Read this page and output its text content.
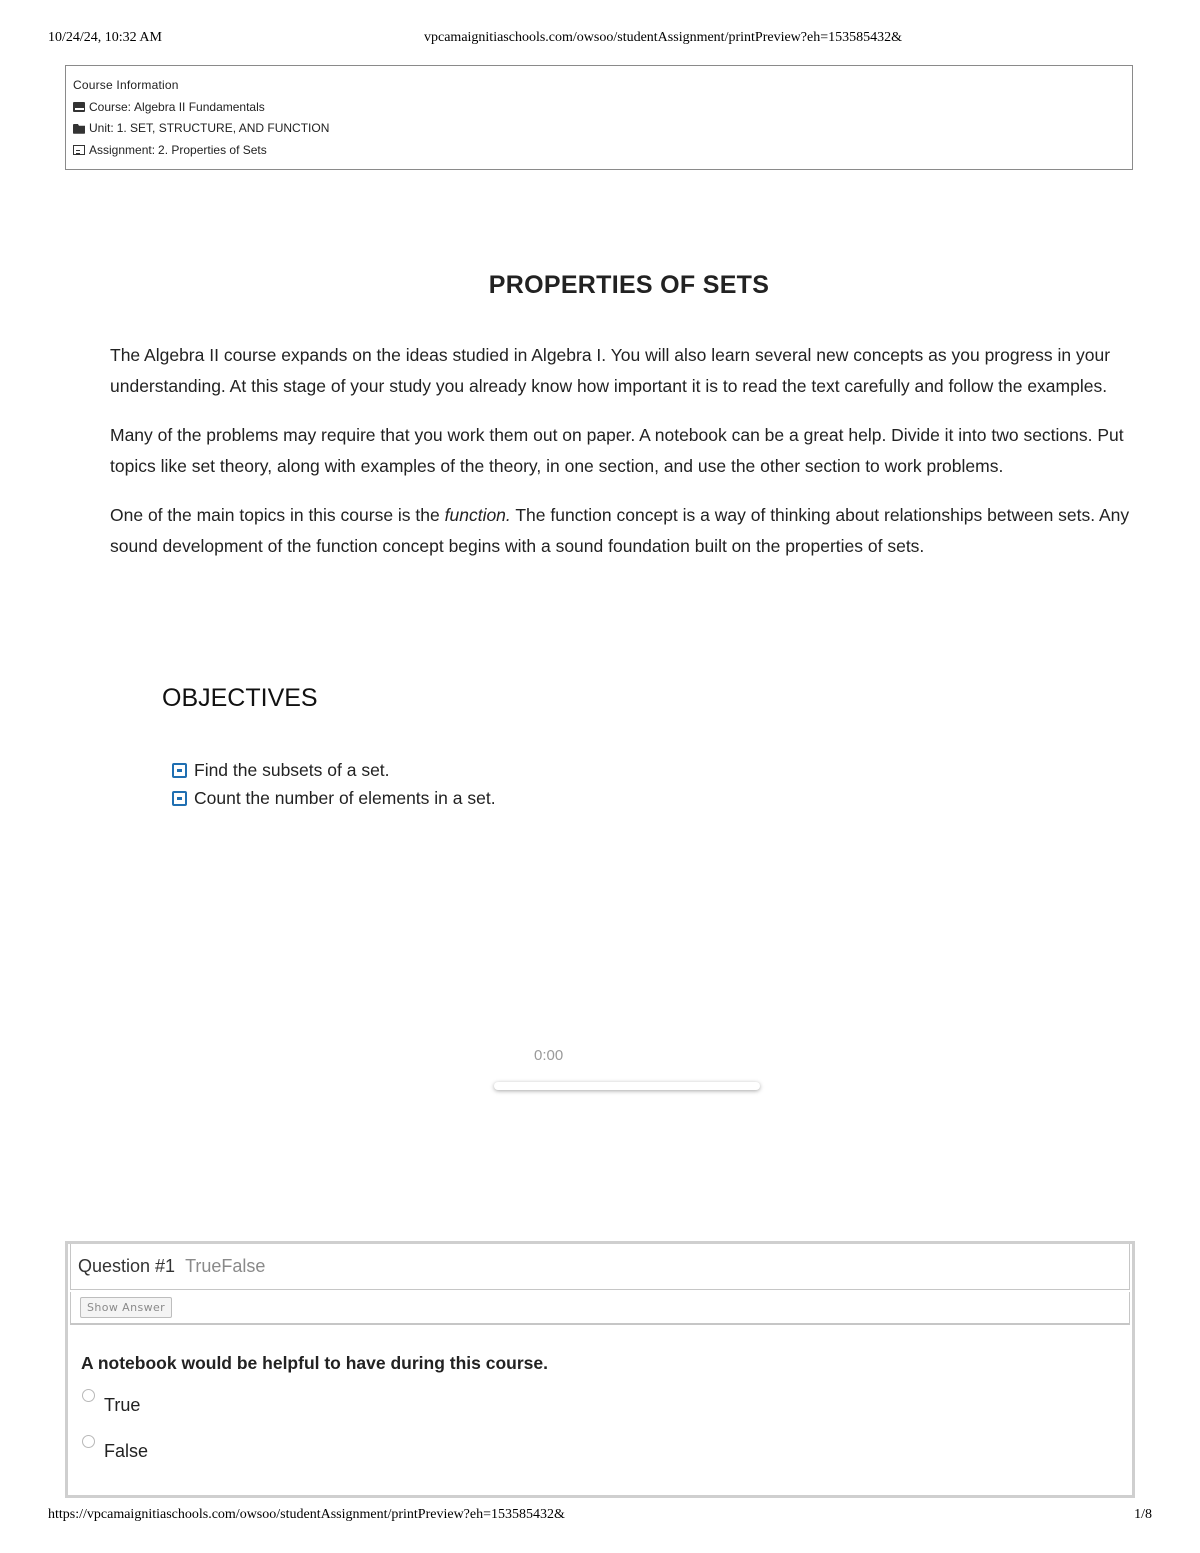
10/24/24, 10:32 AM	vpcamaignitiaschools.com/owsoo/studentAssignment/printPreview?eh=153585432&
Course Information
Course: Algebra II Fundamentals
Unit: 1. SET, STRUCTURE, AND FUNCTION
Assignment: 2. Properties of Sets
PROPERTIES OF SETS

The Algebra II course expands on the ideas studied in Algebra I. You will also learn several new concepts as you progress in your understanding. At this stage of your study you already know how important it is to read the text carefully and follow the examples.

Many of the problems may require that you work them out on paper. A notebook can be a great help. Divide it into two sections. Put topics like set theory, along with examples of the theory, in one section, and use the other section to work problems.

One of the main topics in this course is the function. The function concept is a way of thinking about relationships between sets. Any sound development of the function concept begins with a sound foundation built on the properties of sets.

OBJECTIVES
Find the subsets of a set.
Count the number of elements in a set.
0:00
Question #1 TrueFalse
Show Answer
A notebook would be helpful to have during this course.
True
False
https://vpcamaignitiaschools.com/owsoo/studentAssignment/printPreview?eh=153585432&	1/8
